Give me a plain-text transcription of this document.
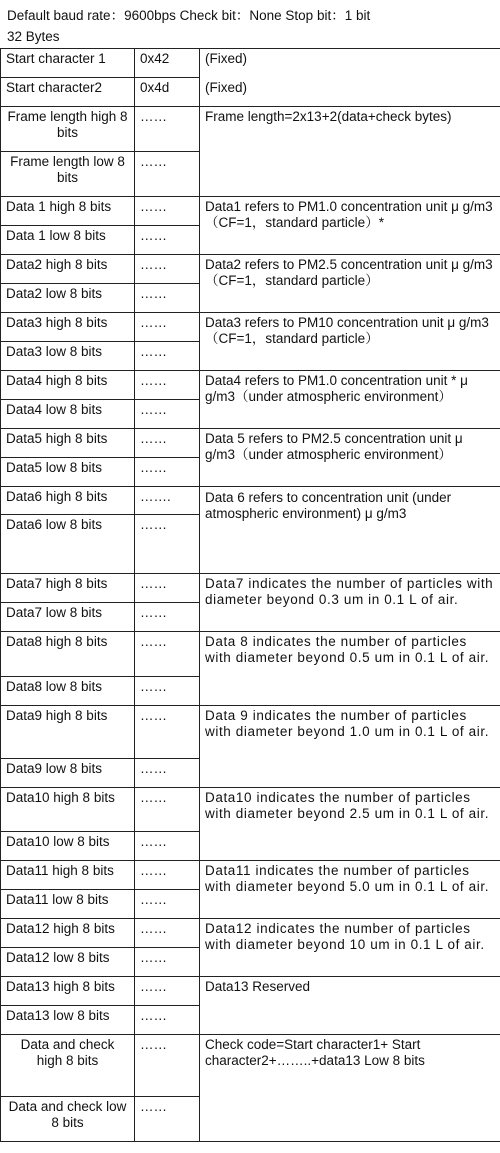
Default baud rate：9600bps Check bit：None Stop bit：1 bit
32 Bytes
Start character 1	0x42	(Fixed)
Start character2	0x4d	(Fixed)
Frame length high 8 bits	……	Frame length=2x13+2(data+check bytes)
Frame length low 8 bits	……	
Data 1 high 8 bits	……	Data1 refers to PM1.0 concentration unit μ g/m3（CF=1，standard particle）*
Data 1 low 8 bits	……	
Data2 high 8 bits	……	Data2 refers to PM2.5 concentration unit μ g/m3（CF=1，standard particle）
Data2 low 8 bits	……	
Data3 high 8 bits	……	Data3 refers to PM10 concentration unit μ g/m3（CF=1，standard particle）
Data3 low 8 bits	……	
Data4 high 8 bits	……	Data4 refers to PM1.0 concentration unit * μ g/m3（under atmospheric environment）
Data4 low 8 bits	……	
Data5 high 8 bits	……	Data 5 refers to PM2.5 concentration unit μ g/m3（under atmospheric environment）
Data5 low 8 bits	……	
Data6 high 8 bits	…….	Data 6 refers to concentration unit (under atmospheric environment) μ g/m3
Data6 low 8 bits	……	
Data7 high 8 bits	……	Data7 indicates the number of particles with diameter beyond 0.3 um in 0.1 L of air.
Data7 low 8 bits	……	
Data8 high 8 bits	……	Data 8 indicates the number of particles with diameter beyond 0.5 um in 0.1 L of air.
Data8 low 8 bits	……	
Data9 high 8 bits	……	Data 9 indicates the number of particles with diameter beyond 1.0 um in 0.1 L of air.
Data9 low 8 bits	……	
Data10 high 8 bits	……	Data10 indicates the number of particles with diameter beyond 2.5 um in 0.1 L of air.
Data10 low 8 bits	……	
Data11 high 8 bits	……	Data11 indicates the number of particles with diameter beyond 5.0 um in 0.1 L of air.
Data11 low 8 bits	……	
Data12 high 8 bits	……	Data12 indicates the number of particles with diameter beyond 10 um in 0.1 L of air.
Data12 low 8 bits	……	
Data13 high 8 bits	……	Data13 Reserved
Data13 low 8 bits	……	
Data and check high 8 bits	……	Check code=Start character1+ Start character2+……..+data13 Low 8 bits
Data and check low 8 bits	……	
